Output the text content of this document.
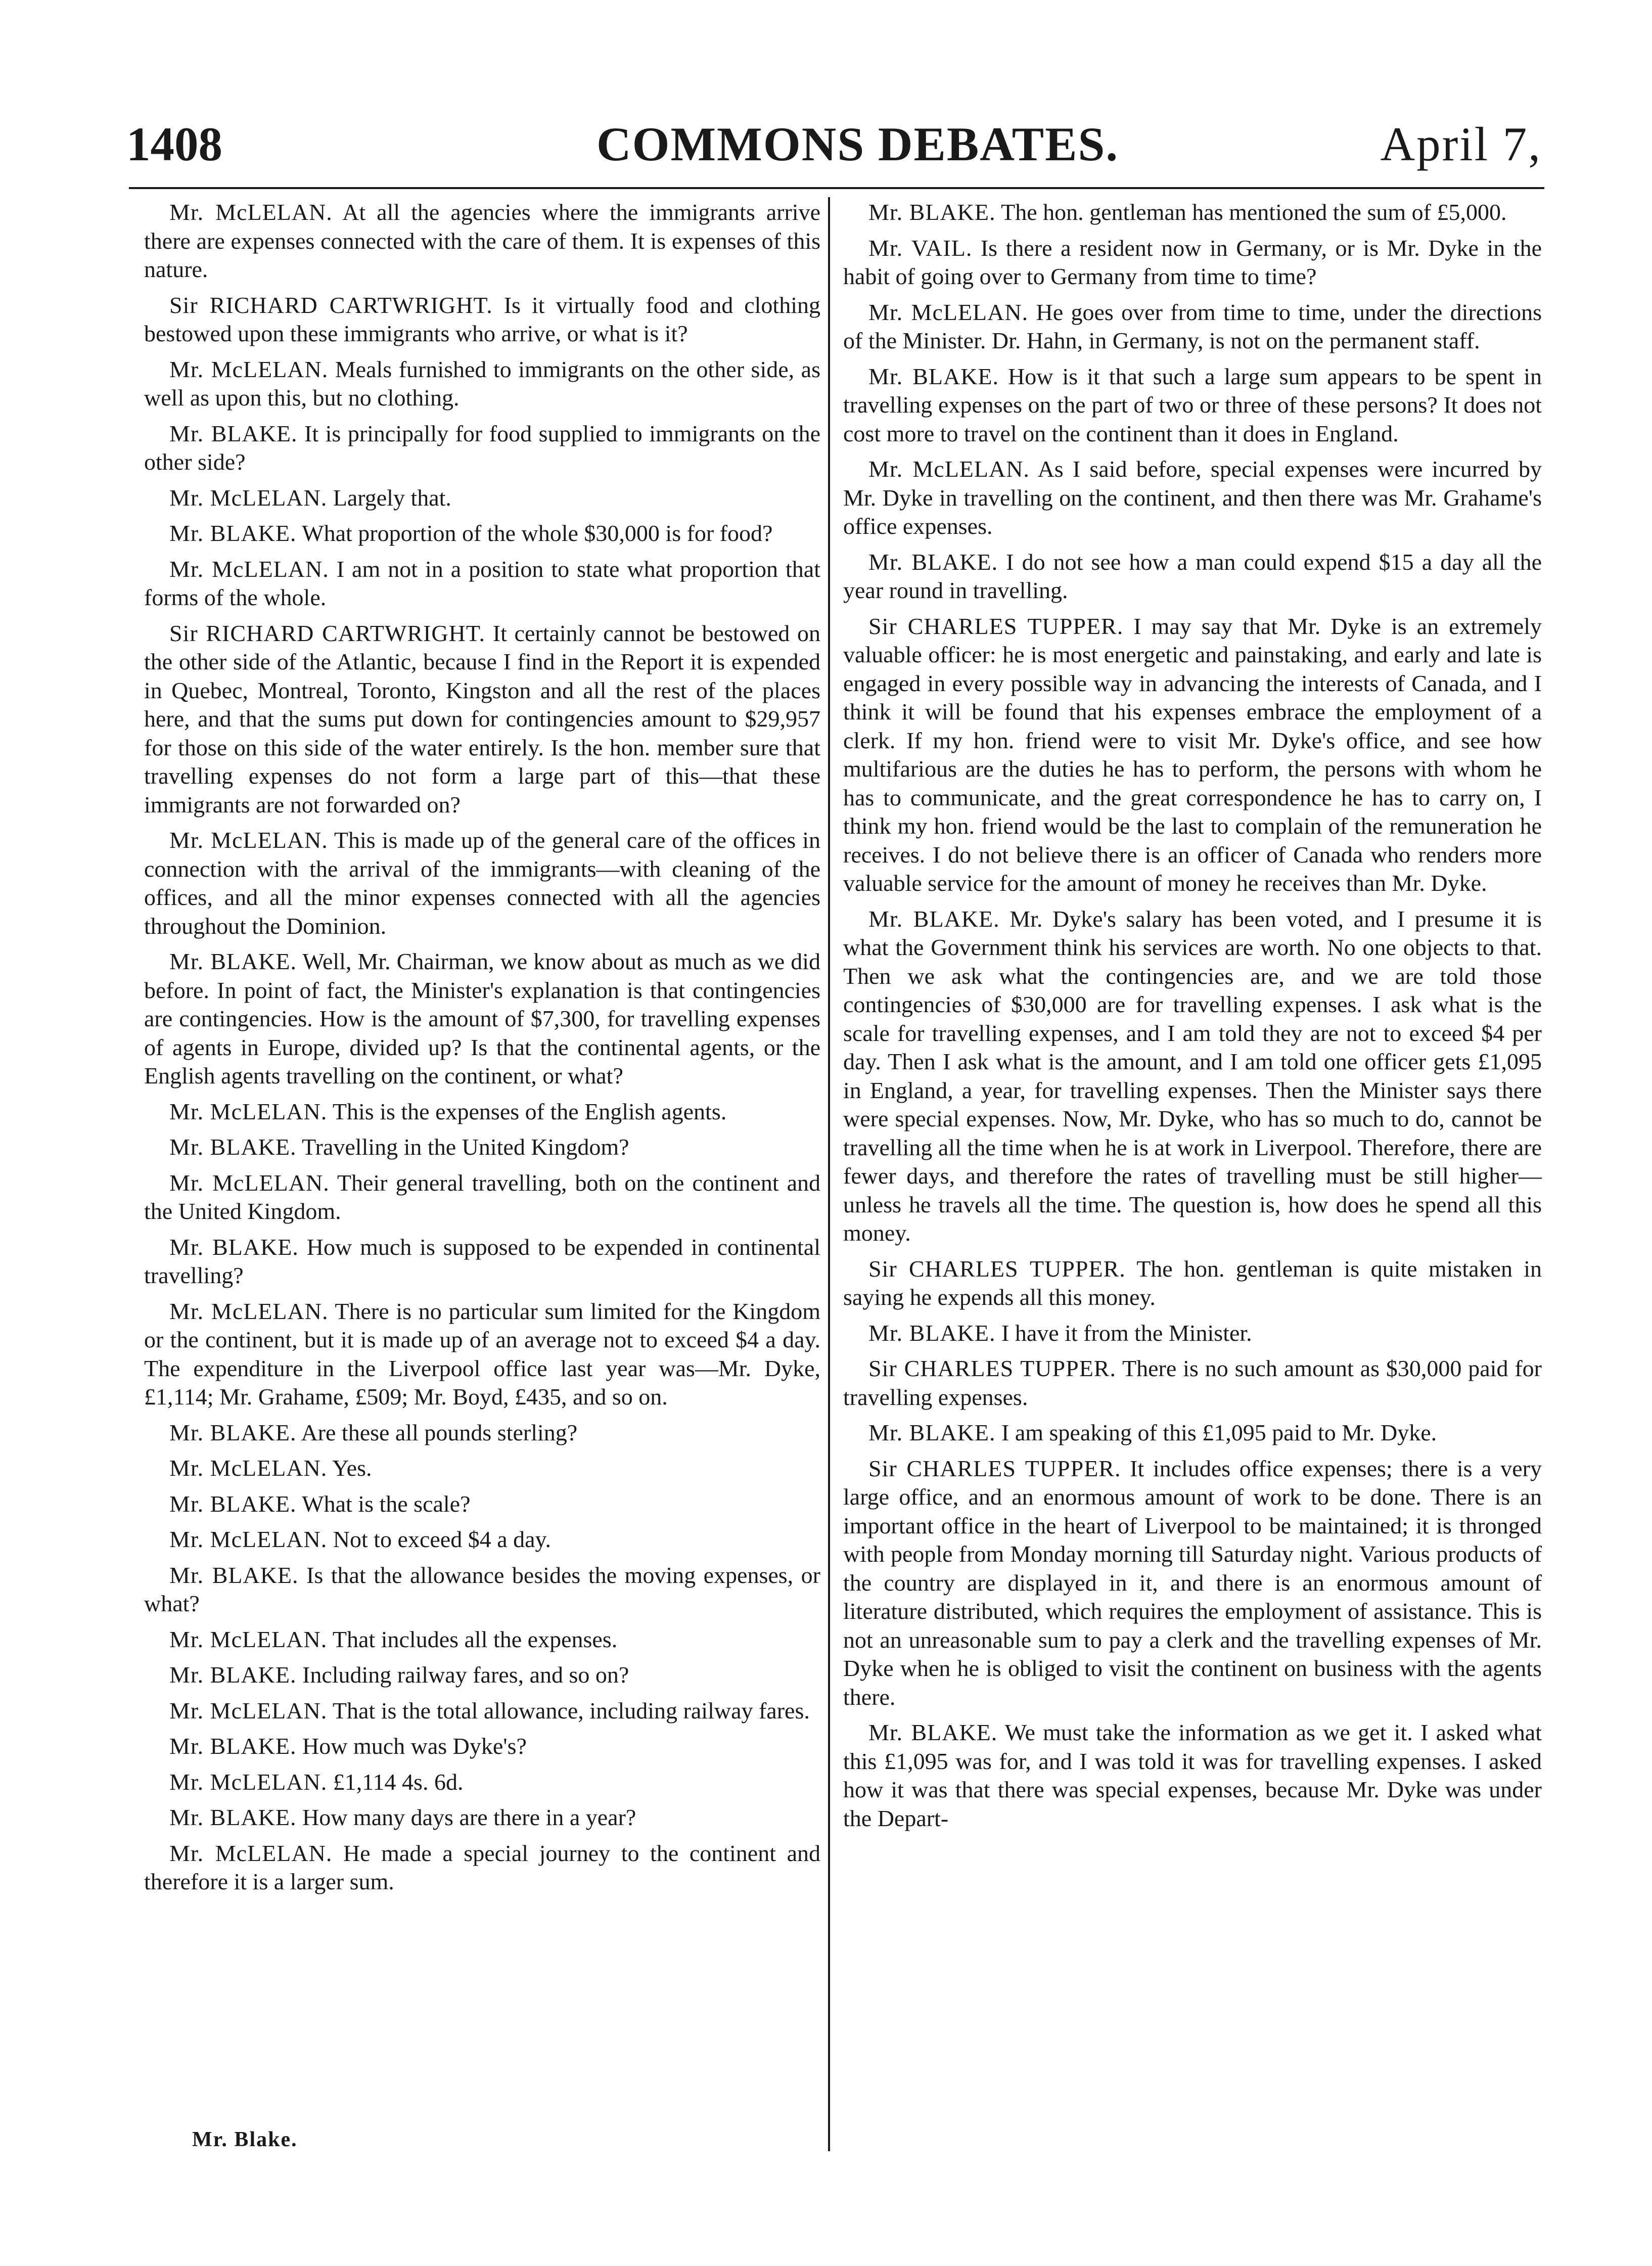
1408	COMMONS DEBATES.	April 7,

Mr. McLELAN. At all the agencies where the immigrants arrive there are expenses connected with the care of them. It is expenses of this nature.

Sir RICHARD CARTWRIGHT. Is it virtually food and clothing bestowed upon these immigrants who arrive, or what is it?

Mr. McLELAN. Meals furnished to immigrants on the other side, as well as upon this, but no clothing.

Mr. BLAKE. It is principally for food supplied to immigrants on the other side?

Mr. McLELAN. Largely that.

Mr. BLAKE. What proportion of the whole $30,000 is for food?

Mr. McLELAN. I am not in a position to state what proportion that forms of the whole.

Sir RICHARD CARTWRIGHT. It certainly cannot be bestowed on the other side of the Atlantic, because I find in the Report it is expended in Quebec, Montreal, Toronto, Kingston and all the rest of the places here, and that the sums put down for contingencies amount to $29,957 for those on this side of the water entirely. Is the hon. member sure that travelling expenses do not form a large part of this—that these immigrants are not forwarded on?

Mr. McLELAN. This is made up of the general care of the offices in connection with the arrival of the immigrants—with cleaning of the offices, and all the minor expenses connected with all the agencies throughout the Dominion.

Mr. BLAKE. Well, Mr. Chairman, we know about as much as we did before. In point of fact, the Minister's explanation is that contingencies are contingencies. How is the amount of $7,300, for travelling expenses of agents in Europe, divided up? Is that the continental agents, or the English agents travelling on the continent, or what?

Mr. McLELAN. This is the expenses of the English agents.

Mr. BLAKE. Travelling in the United Kingdom?

Mr. McLELAN. Their general travelling, both on the continent and the United Kingdom.

Mr. BLAKE. How much is supposed to be expended in continental travelling?

Mr. McLELAN. There is no particular sum limited for the Kingdom or the continent, but it is made up of an average not to exceed $4 a day. The expenditure in the Liverpool office last year was—Mr. Dyke, £1,114; Mr. Grahame, £509; Mr. Boyd, £435, and so on.

Mr. BLAKE. Are these all pounds sterling?

Mr. McLELAN. Yes.

Mr. BLAKE. What is the scale?

Mr. McLELAN. Not to exceed $4 a day.

Mr. BLAKE. Is that the allowance besides the moving expenses, or what?

Mr. McLELAN. That includes all the expenses.

Mr. BLAKE. Including railway fares, and so on?

Mr. McLELAN. That is the total allowance, including railway fares.

Mr. BLAKE. How much was Dyke's?

Mr. McLELAN. £1,114 4s. 6d.

Mr. BLAKE. How many days are there in a year?

Mr. McLELAN. He made a special journey to the continent and therefore it is a larger sum.

Mr. BLAKE. The hon. gentleman has mentioned the sum of £5,000.

Mr. VAIL. Is there a resident now in Germany, or is Mr. Dyke in the habit of going over to Germany from time to time?

Mr. McLELAN. He goes over from time to time, under the directions of the Minister. Dr. Hahn, in Germany, is not on the permanent staff.

Mr. BLAKE. How is it that such a large sum appears to be spent in travelling expenses on the part of two or three of these persons? It does not cost more to travel on the continent than it does in England.

Mr. McLELAN. As I said before, special expenses were incurred by Mr. Dyke in travelling on the continent, and then there was Mr. Grahame's office expenses.

Mr. BLAKE. I do not see how a man could expend $15 a day all the year round in travelling.

Sir CHARLES TUPPER. I may say that Mr. Dyke is an extremely valuable officer: he is most energetic and painstaking, and early and late is engaged in every possible way in advancing the interests of Canada, and I think it will be found that his expenses embrace the employment of a clerk. If my hon. friend were to visit Mr. Dyke's office, and see how multifarious are the duties he has to perform, the persons with whom he has to communicate, and the great correspondence he has to carry on, I think my hon. friend would be the last to complain of the remuneration he receives. I do not believe there is an officer of Canada who renders more valuable service for the amount of money he receives than Mr. Dyke.

Mr. BLAKE. Mr. Dyke's salary has been voted, and I presume it is what the Government think his services are worth. No one objects to that. Then we ask what the contingencies are, and we are told those contingencies of $30,000 are for travelling expenses. I ask what is the scale for travelling expenses, and I am told they are not to exceed $4 per day. Then I ask what is the amount, and I am told one officer gets £1,095 in England, a year, for travelling expenses. Then the Minister says there were special expenses. Now, Mr. Dyke, who has so much to do, cannot be travelling all the time when he is at work in Liverpool. Therefore, there are fewer days, and therefore the rates of travelling must be still higher—unless he travels all the time. The question is, how does he spend all this money.

Sir CHARLES TUPPER. The hon. gentleman is quite mistaken in saying he expends all this money.

Mr. BLAKE. I have it from the Minister.

Sir CHARLES TUPPER. There is no such amount as $30,000 paid for travelling expenses.

Mr. BLAKE. I am speaking of this £1,095 paid to Mr. Dyke.

Sir CHARLES TUPPER. It includes office expenses; there is a very large office, and an enormous amount of work to be done. There is an important office in the heart of Liverpool to be maintained; it is thronged with people from Monday morning till Saturday night. Various products of the country are displayed in it, and there is an enormous amount of literature distributed, which requires the employment of assistance. This is not an unreasonable sum to pay a clerk and the travelling expenses of Mr. Dyke when he is obliged to visit the continent on business with the agents there.

Mr. BLAKE. We must take the information as we get it. I asked what this £1,095 was for, and I was told it was for travelling expenses. I asked how it was that there was special expenses, because Mr. Dyke was under the Depart-

Mr. Blake.
